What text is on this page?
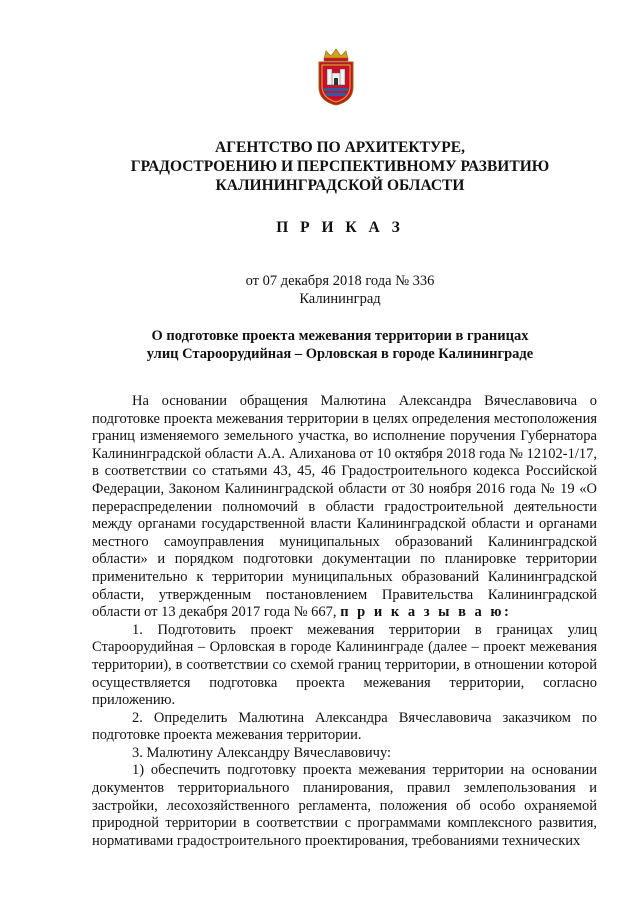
АГЕНТСТВО ПО АРХИТЕКТУРЕ,
ГРАДОСТРОЕНИЮ И ПЕРСПЕКТИВНОМУ РАЗВИТИЮ
КАЛИНИНГРАДСКОЙ ОБЛАСТИ

П Р И К А З

от 07 декабря 2018 года № 336

Калининград

О подготовке проекта межевания территории в границах
улиц Староорудийная – Орловская в городе Калининграде

На основании обращения Малютина Александра Вячеславовича о подготовке проекта межевания территории в целях определения местоположения границ изменяемого земельного участка, во исполнение поручения Губернатора Калининградской области А.А. Алиханова от 10 октября 2018 года № 12102-1/17, в соответствии со статьями 43, 45, 46 Градостроительного кодекса Российской Федерации, Законом Калининградской области от 30 ноября 2016 года № 19 «О перераспределении полномочий в области градостроительной деятельности между органами государственной власти Калининградской области и органами местного самоуправления муниципальных образований Калининградской области» и порядком подготовки документации по планировке территории применительно к территории муниципальных образований Калининградской области, утвержденным постановлением Правительства Калининградской области от 13 декабря 2017 года № 667, п р и к а з ы в а ю:

1. Подготовить проект межевания территории в границах улиц Староорудийная – Орловская в городе Калининграде (далее – проект межевания территории), в соответствии со схемой границ территории, в отношении которой осуществляется подготовка проекта межевания территории, согласно приложению.

2. Определить Малютина Александра Вячеславовича заказчиком по подготовке проекта межевания территории.

3. Малютину Александру Вячеславовичу:

1) обеспечить подготовку проекта межевания территории на основании документов территориального планирования, правил землепользования и застройки, лесохозяйственного регламента, положения об особо охраняемой природной территории в соответствии с программами комплексного развития, нормативами градостроительного проектирования, требованиями технических
